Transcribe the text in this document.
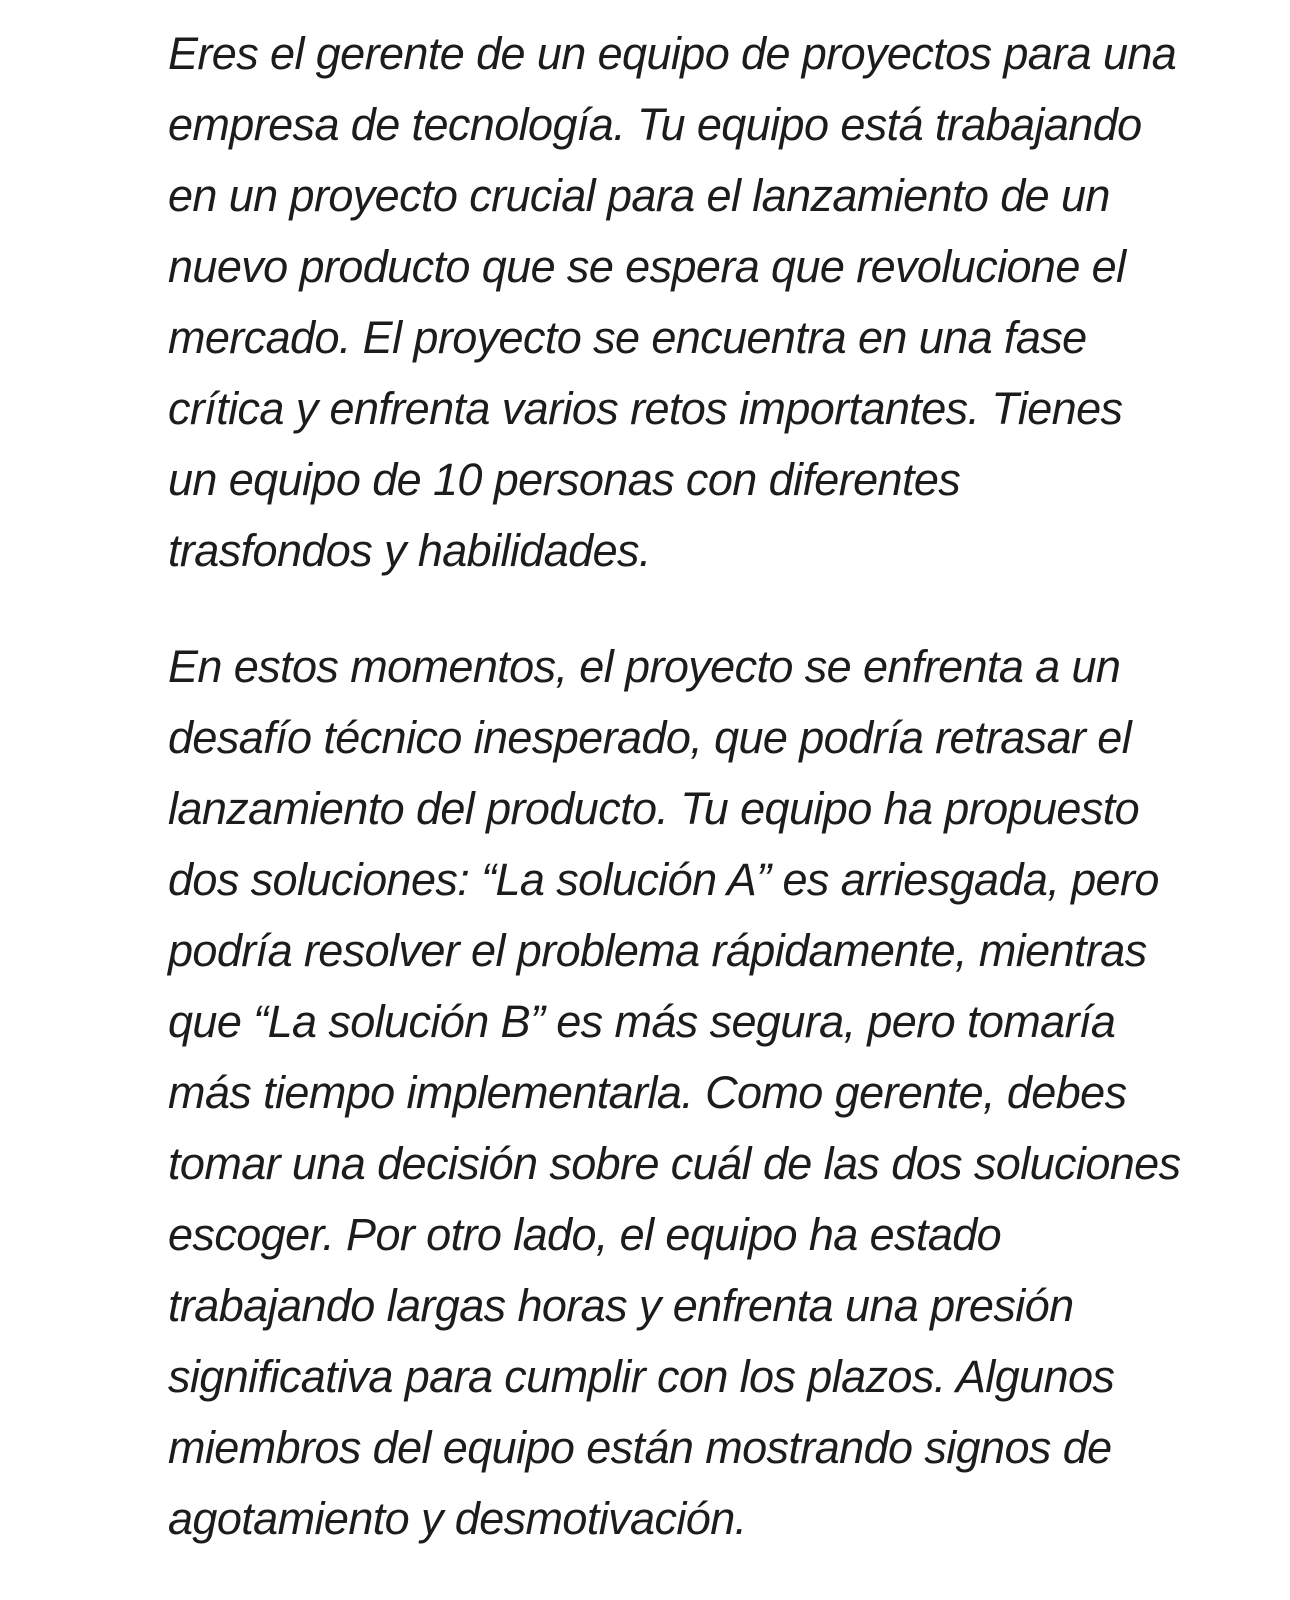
Eres el gerente de un equipo de proyectos para una
empresa de tecnología. Tu equipo está trabajando
en un proyecto crucial para el lanzamiento de un
nuevo producto que se espera que revolucione el
mercado. El proyecto se encuentra en una fase
crítica y enfrenta varios retos importantes. Tienes
un equipo de 10 personas con diferentes
trasfondos y habilidades.

En estos momentos, el proyecto se enfrenta a un
desafío técnico inesperado, que podría retrasar el
lanzamiento del producto. Tu equipo ha propuesto
dos soluciones: “La solución A” es arriesgada, pero
podría resolver el problema rápidamente, mientras
que “La solución B” es más segura, pero tomaría
más tiempo implementarla. Como gerente, debes
tomar una decisión sobre cuál de las dos soluciones
escoger. Por otro lado, el equipo ha estado
trabajando largas horas y enfrenta una presión
significativa para cumplir con los plazos. Algunos
miembros del equipo están mostrando signos de
agotamiento y desmotivación.
